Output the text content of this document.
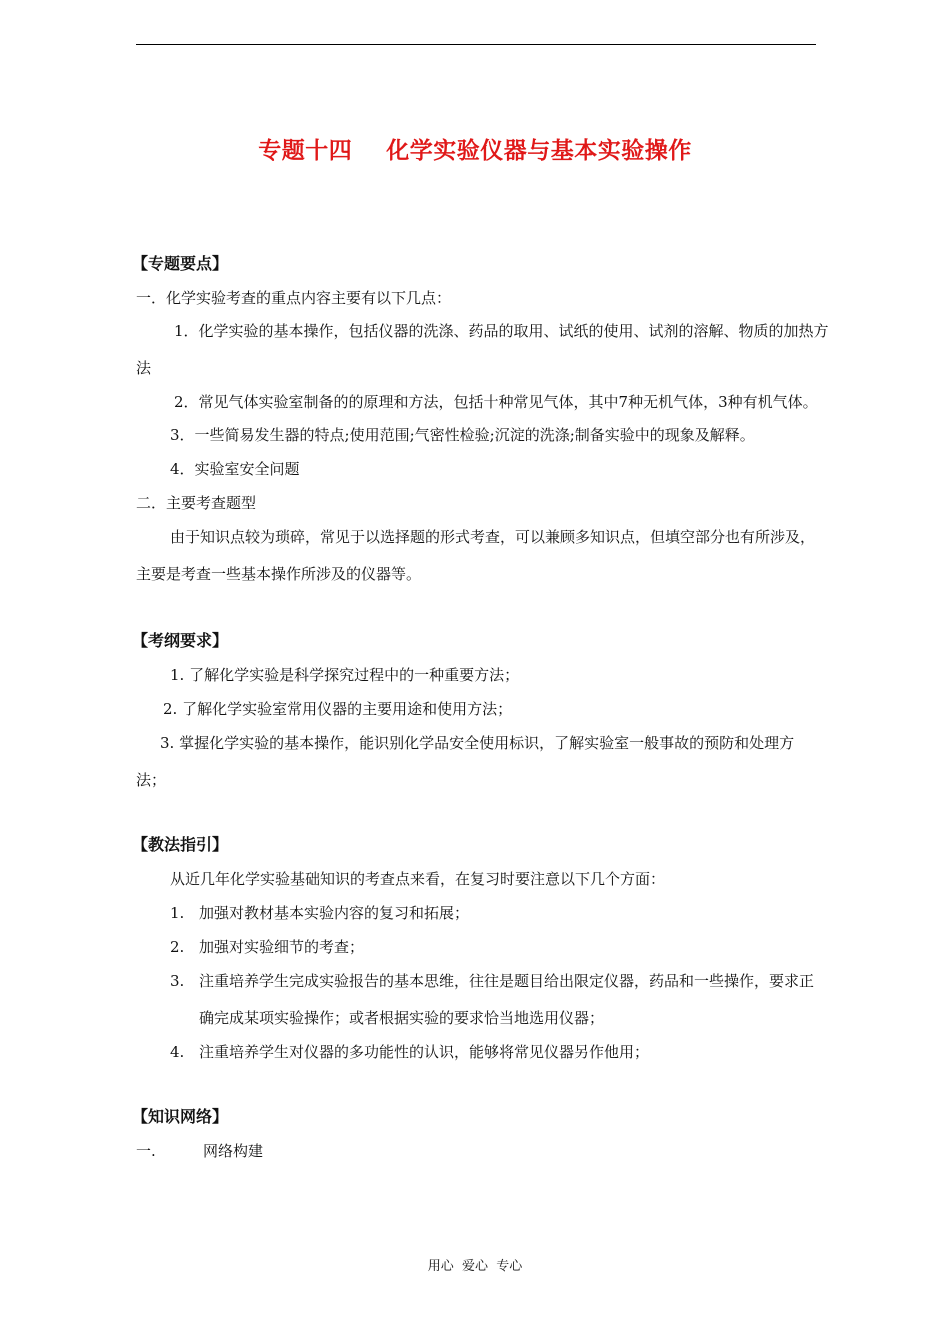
专题十四    化学实验仪器与基本实验操作
【专题要点】
一．化学实验考查的重点内容主要有以下几点：
1．化学实验的基本操作，包括仪器的洗涤、药品的取用、试纸的使用、试剂的溶解、物质的加热方
法
2．常见气体实验室制备的的原理和方法，包括十种常见气体，其中7种无机气体，3种有机气体。
3．一些简易发生器的特点;使用范围;气密性检验;沉淀的洗涤;制备实验中的现象及解释。
4．实验室安全问题
二．主要考查题型
由于知识点较为琐碎，常见于以选择题的形式考查，可以兼顾多知识点，但填空部分也有所涉及，
主要是考查一些基本操作所涉及的仪器等。
【考纲要求】
1. 了解化学实验是科学探究过程中的一种重要方法；
2. 了解化学实验室常用仪器的主要用途和使用方法；
3. 掌握化学实验的基本操作，能识别化学品安全使用标识，了解实验室一般事故的预防和处理方
法；
【教法指引】
从近几年化学实验基础知识的考查点来看，在复习时要注意以下几个方面：
1. 加强对教材基本实验内容的复习和拓展；
2. 加强对实验细节的考查；
3. 注重培养学生完成实验报告的基本思维，往往是题目给出限定仪器，药品和一些操作，要求正
确完成某项实验操作；或者根据实验的要求恰当地选用仪器；
4. 注重培养学生对仪器的多功能性的认识，能够将常见仪器另作他用；
【知识网络】
一.	网络构建
用心  爱心  专心
